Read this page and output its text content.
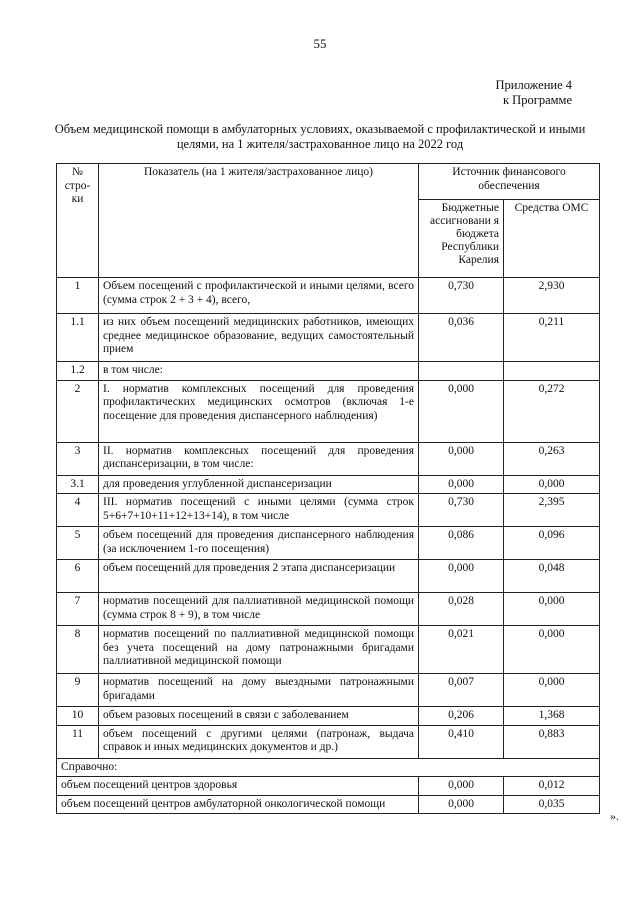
55
Приложение 4
к Программе
Объем медицинской помощи в амбулаторных условиях, оказываемой с профилактической и иными целями, на 1 жителя/застрахованное лицо на 2022 год
№ стро-ки	Показатель (на 1 жителя/застрахованное лицо)	Источник финансового обеспечения	
		Бюджетные ассигновани я бюджета Республики Карелия	Средства ОМС
1	Объем посещений с профилактической и иными целями, всего (сумма строк 2 + 3 + 4), всего,	0,730	2,930
1.1	из них объем посещений медицинских работников, имеющих среднее медицинское образование, ведущих самостоятельный прием	0,036	0,211
1.2	в том числе:		
2	I. норматив комплексных посещений для проведения профилактических медицинских осмотров (включая 1-е посещение для проведения диспансерного наблюдения)	0,000	0,272
3	II. норматив комплексных посещений для проведения диспансеризации, в том числе:	0,000	0,263
3.1	для проведения углубленной диспансеризации	0,000	0,000
4	III. норматив посещений с иными целями (сумма строк 5+6+7+10+11+12+13+14), в том числе	0,730	2,395
5	объем посещений для проведения диспансерного наблюдения (за исключением 1-го посещения)	0,086	0,096
6	объем посещений для проведения 2 этапа диспансеризации	0,000	0,048
7	норматив посещений для паллиативной медицинской помощи (сумма строк 8 + 9), в том числе	0,028	0,000
8	норматив посещений по паллиативной медицинской помощи без учета посещений на дому патронажными бригадами паллиативной медицинской помощи	0,021	0,000
9	норматив посещений на дому выездными патронажными бригадами	0,007	0,000
10	объем разовых посещений в связи с заболеванием	0,206	1,368
11	объем посещений с другими целями (патронаж, выдача справок и иных медицинских документов и др.)	0,410	0,883
Справочно:			
объем посещений центров здоровья		0,000	0,012
объем посещений центров амбулаторной онкологической помощи		0,000	0,035
».
